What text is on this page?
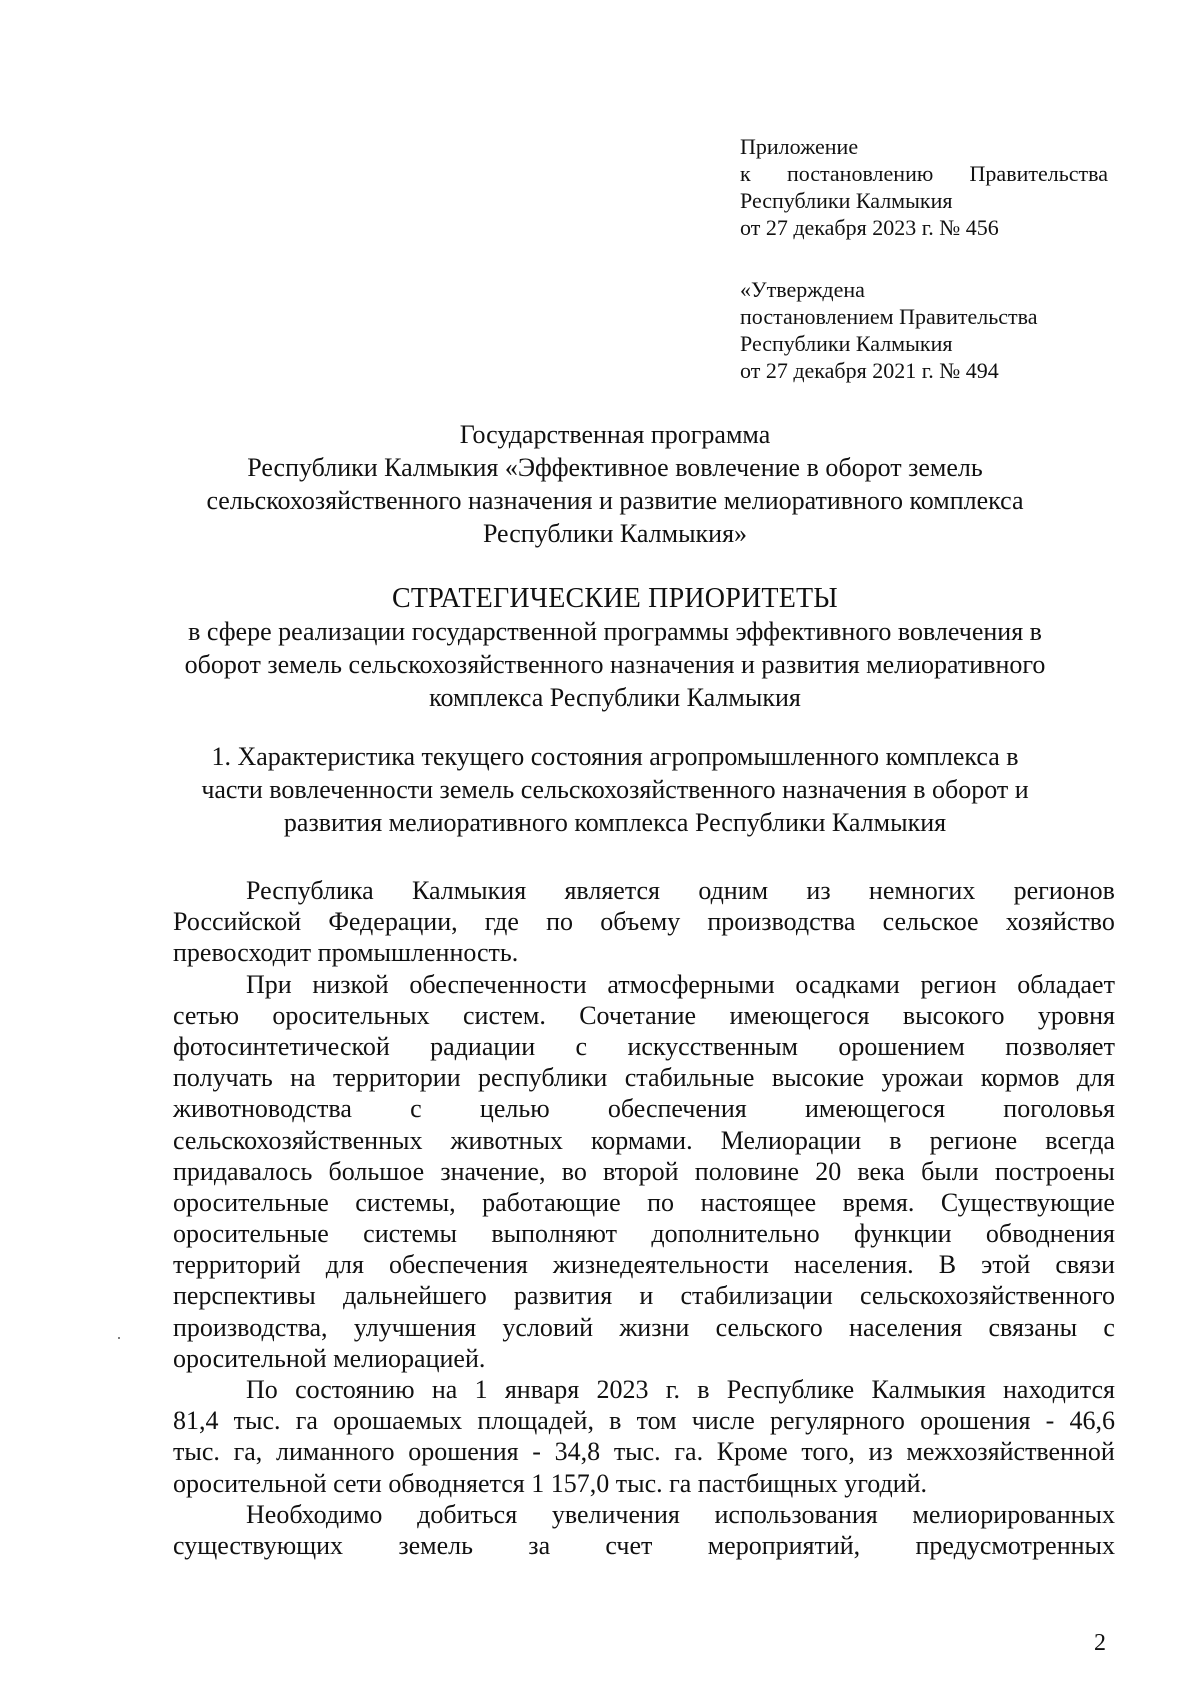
Приложение
к постановлению Правительства
Республики Калмыкия
от 27 декабря 2023 г. № 456
«Утверждена
постановлением Правительства
Республики Калмыкия
от 27 декабря 2021 г. № 494
Государственная программа
Республики Калмыкия «Эффективное вовлечение в оборот земель
сельскохозяйственного назначения и развитие мелиоративного комплекса
Республики Калмыкия»
СТРАТЕГИЧЕСКИЕ ПРИОРИТЕТЫ
в сфере реализации государственной программы эффективного вовлечения в
оборот земель сельскохозяйственного назначения и развития мелиоративного
комплекса Республики Калмыкия
1. Характеристика текущего состояния агропромышленного комплекса в
части вовлеченности земель сельскохозяйственного назначения в оборот и
развития мелиоративного комплекса Республики Калмыкия
Республика Калмыкия является одним из немногих регионов
Российской Федерации, где по объему производства сельское хозяйство
превосходит промышленность.
При низкой обеспеченности атмосферными осадками регион обладает
сетью оросительных систем. Сочетание имеющегося высокого уровня
фотосинтетической радиации с искусственным орошением позволяет
получать на территории республики стабильные высокие урожаи кормов для
животноводства с целью обеспечения имеющегося поголовья
сельскохозяйственных животных кормами. Мелиорации в регионе всегда
придавалось большое значение, во второй половине 20 века были построены
оросительные системы, работающие по настоящее время. Существующие
оросительные системы выполняют дополнительно функции обводнения
территорий для обеспечения жизнедеятельности населения. В этой связи
перспективы дальнейшего развития и стабилизации сельскохозяйственного
производства, улучшения условий жизни сельского населения связаны с
оросительной мелиорацией.
По состоянию на 1 января 2023 г. в Республике Калмыкия находится
81,4 тыс. га орошаемых площадей, в том числе регулярного орошения - 46,6
тыс. га, лиманного орошения - 34,8 тыс. га. Кроме того, из межхозяйственной
оросительной сети обводняется 1 157,0 тыс. га пастбищных угодий.
Необходимо добиться увеличения использования мелиорированных
существующих земель за счет мероприятий, предусмотренных
2
